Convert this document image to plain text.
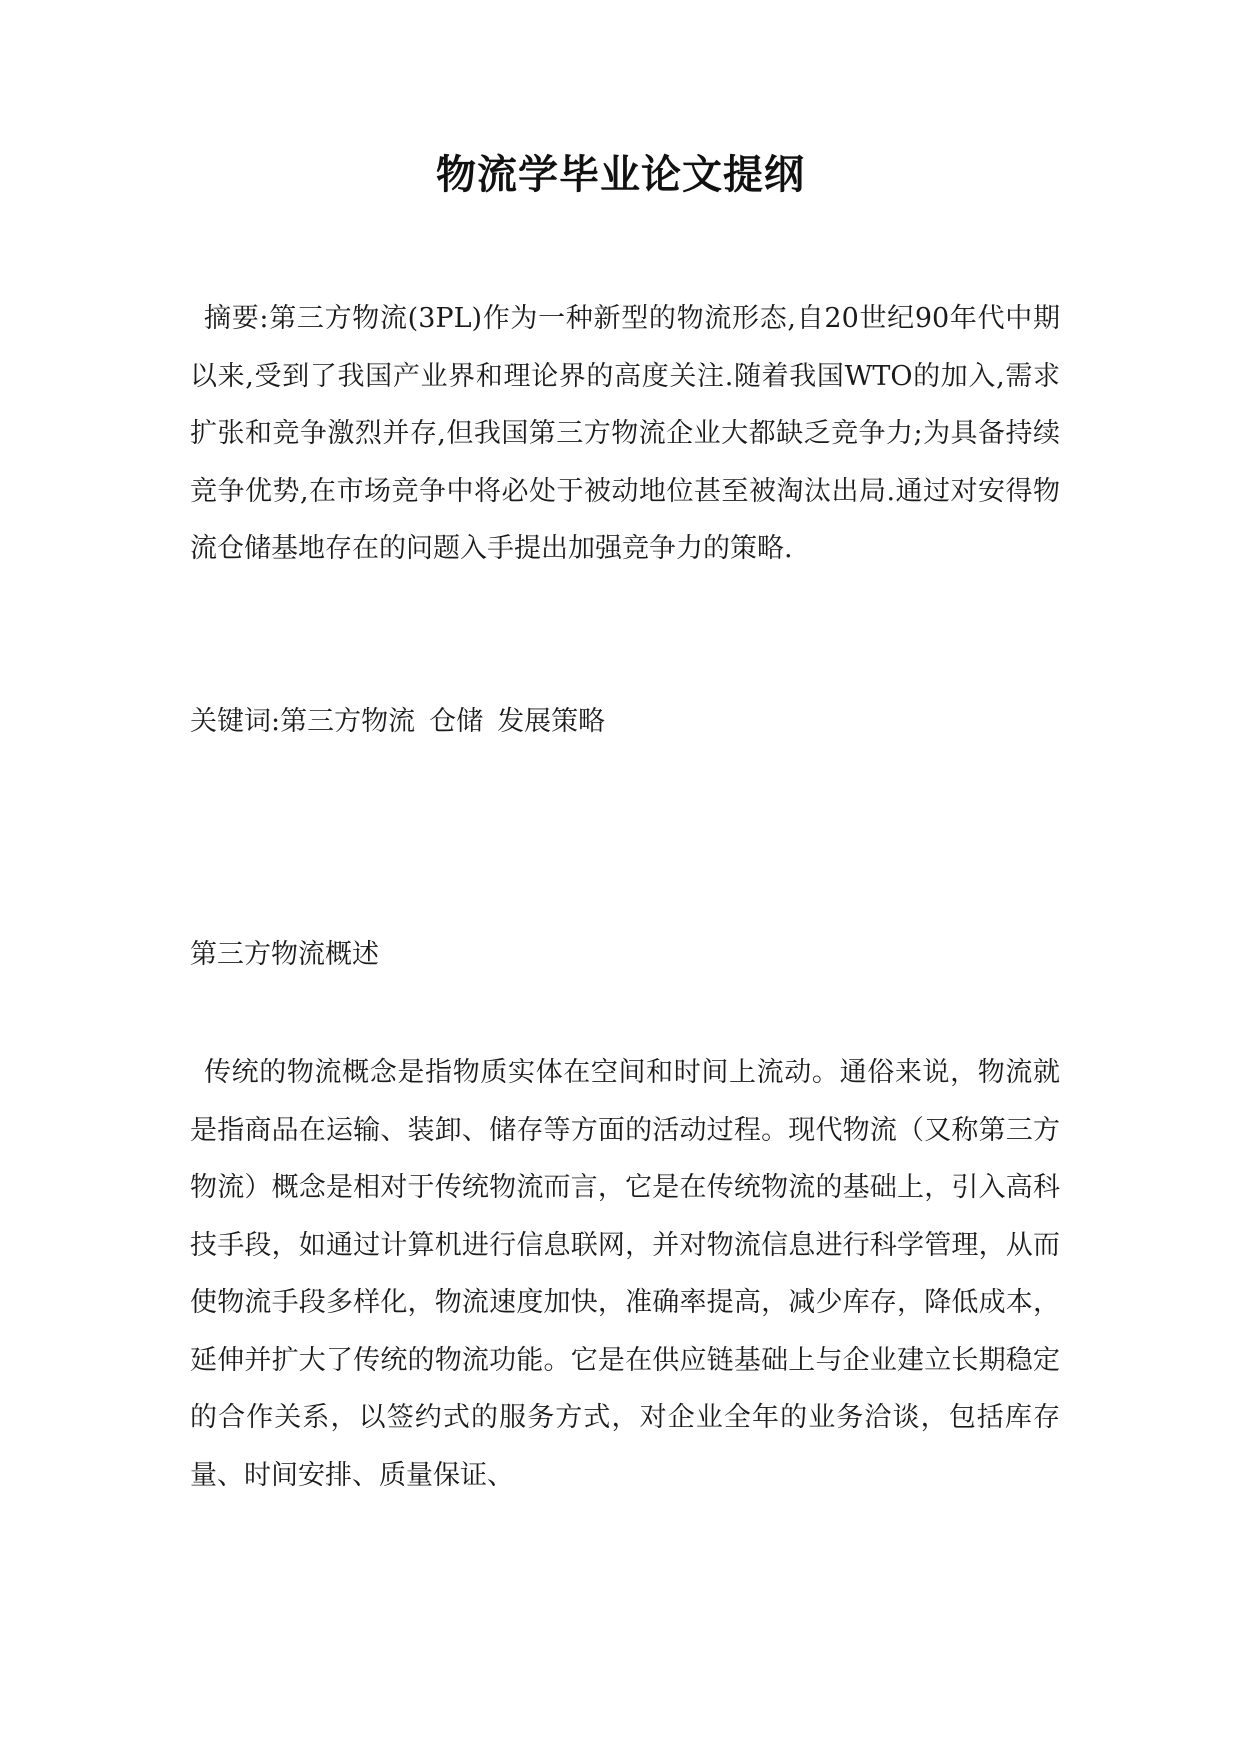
物流学毕业论文提纲

摘要:第三方物流(3PL)作为一种新型的物流形态,自20世纪90年代中期以来,受到了我国产业界和理论界的高度关注.随着我国WTO的加入,需求扩张和竞争激烈并存,但我国第三方物流企业大都缺乏竞争力;为具备持续竞争优势,在市场竞争中将必处于被动地位甚至被淘汰出局.通过对安得物流仓储基地存在的问题入手提出加强竞争力的策略.

关键词:第三方物流 仓储 发展策略
第三方物流概述

传统的物流概念是指物质实体在空间和时间上流动。通俗来说，物流就是指商品在运输、装卸、储存等方面的活动过程。现代物流（又称第三方物流）概念是相对于传统物流而言，它是在传统物流的基础上，引入高科技手段，如通过计算机进行信息联网，并对物流信息进行科学管理，从而使物流手段多样化，物流速度加快，准确率提高，减少库存，降低成本，延伸并扩大了传统的物流功能。它是在供应链基础上与企业建立长期稳定的合作关系，以签约式的服务方式，对企业全年的业务洽谈，包括库存量、时间安排、质量保证、
